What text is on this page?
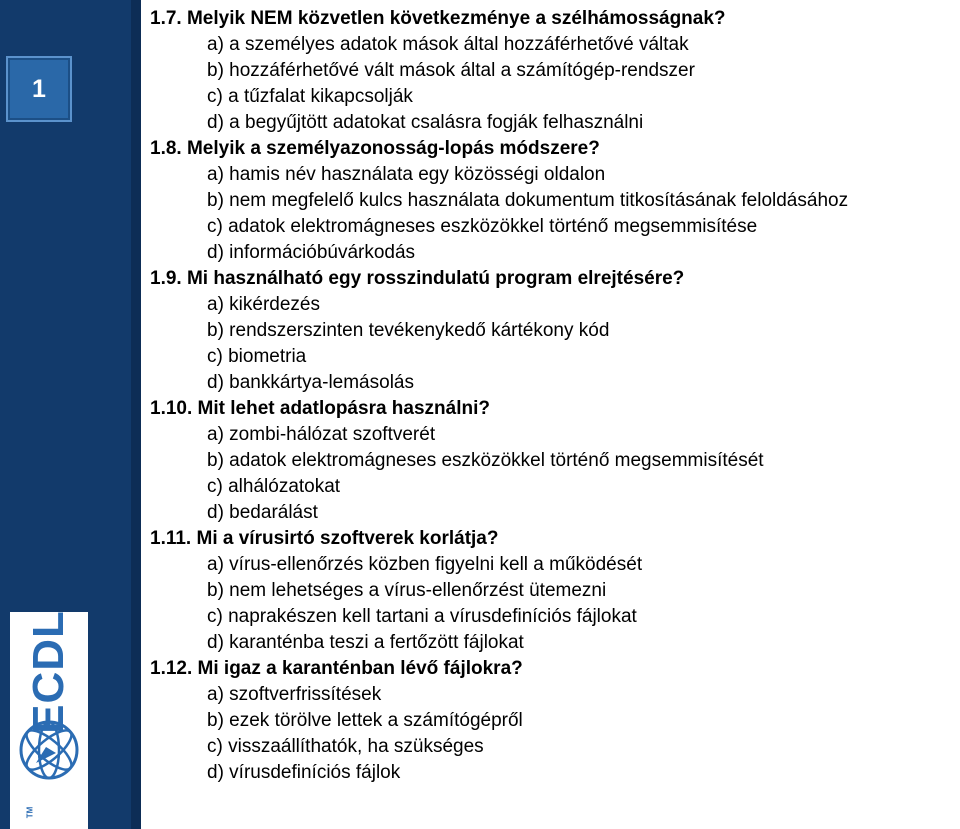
1
ECDL
TM
1.7. Melyik NEM közvetlen következménye a szélhámosságnak?
a) a személyes adatok mások által hozzáférhetővé váltak
b) hozzáférhetővé vált mások által a számítógép-rendszer
c) a tűzfalat kikapcsolják
d) a begyűjtött adatokat csalásra fogják felhasználni
1.8. Melyik a személyazonosság-lopás módszere?
a) hamis név használata egy közösségi oldalon
b) nem megfelelő kulcs használata dokumentum titkosításának feloldásához
c) adatok elektromágneses eszközökkel történő megsemmisítése
d) információbúvárkodás
1.9. Mi használható egy rosszindulatú program elrejtésére?
a) kikérdezés
b) rendszerszinten tevékenykedő kártékony kód
c) biometria
d) bankkártya-lemásolás
1.10. Mit lehet adatlopásra használni?
a) zombi-hálózat szoftverét
b) adatok elektromágneses eszközökkel történő megsemmisítését
c) alhálózatokat
d) bedarálást
1.11. Mi a vírusirtó szoftverek korlátja?
a) vírus-ellenőrzés közben figyelni kell a működését
b) nem lehetséges a vírus-ellenőrzést ütemezni
c) naprakészen kell tartani a vírusdefiníciós fájlokat
d) karanténba teszi a fertőzött fájlokat
1.12. Mi igaz a karanténban lévő fájlokra?
a) szoftverfrissítések
b) ezek törölve lettek a számítógépről
c) visszaállíthatók, ha szükséges
d) vírusdefiníciós fájlok
